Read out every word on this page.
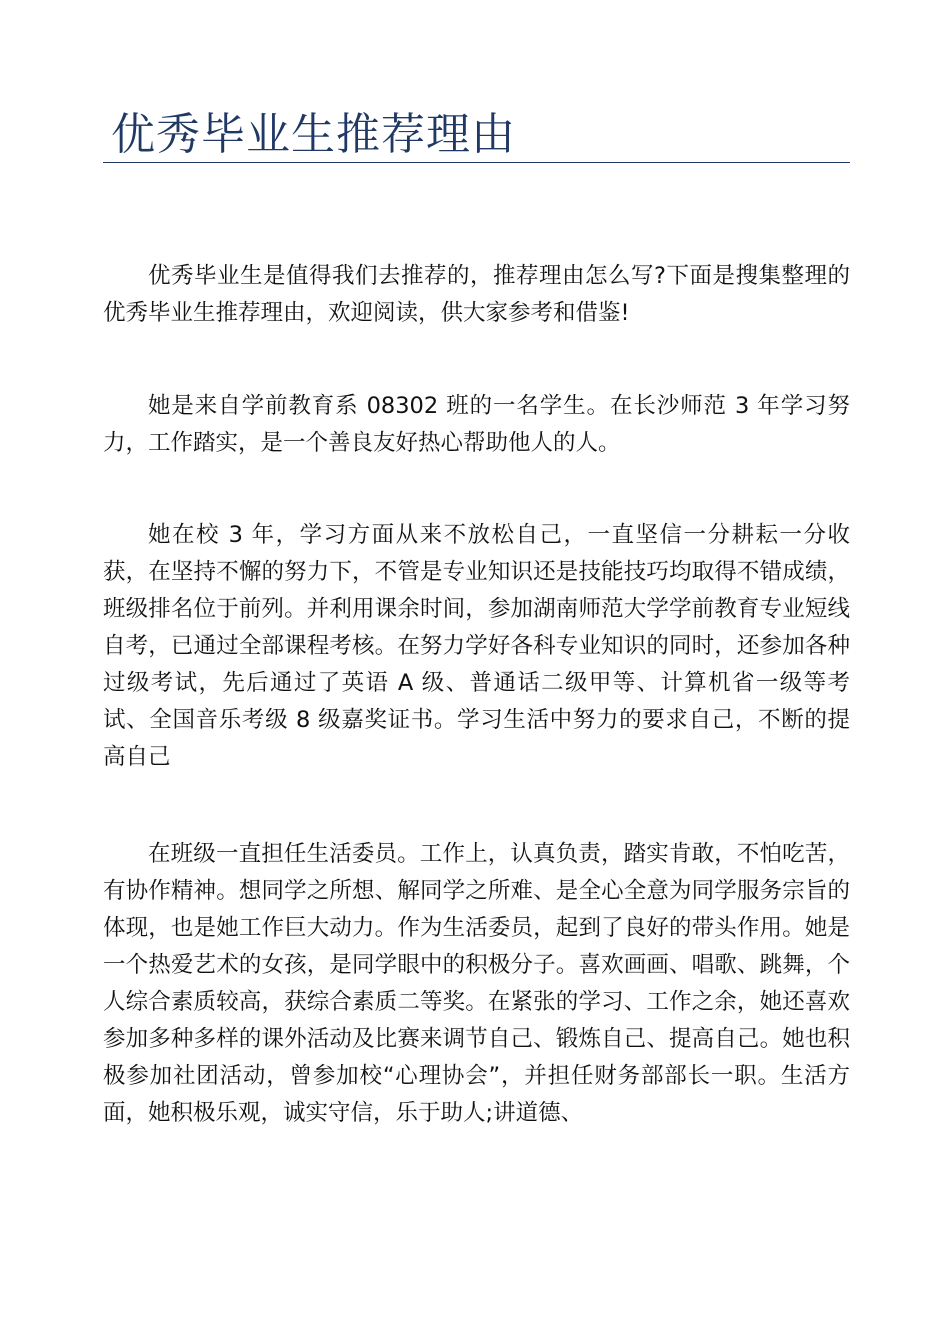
优秀毕业生推荐理由

优秀毕业生是值得我们去推荐的，推荐理由怎么写?下面是搜集整理的优秀毕业生推荐理由，欢迎阅读，供大家参考和借鉴!

她是来自学前教育系 08302 班的一名学生。在长沙师范 3 年学习努力，工作踏实，是一个善良友好热心帮助他人的人。

她在校 3 年，学习方面从来不放松自己，一直坚信一分耕耘一分收获，在坚持不懈的努力下，不管是专业知识还是技能技巧均取得不错成绩，班级排名位于前列。并利用课余时间，参加湖南师范大学学前教育专业短线自考，已通过全部课程考核。在努力学好各科专业知识的同时，还参加各种过级考试，先后通过了英语 A 级、普通话二级甲等、计算机省一级等考试、全国音乐考级 8 级嘉奖证书。学习生活中努力的要求自己，不断的提高自己

在班级一直担任生活委员。工作上，认真负责，踏实肯敢，不怕吃苦，有协作精神。想同学之所想、解同学之所难、是全心全意为同学服务宗旨的体现，也是她工作巨大动力。作为生活委员，起到了良好的带头作用。她是一个热爱艺术的女孩，是同学眼中的积极分子。喜欢画画、唱歌、跳舞，个人综合素质较高，获综合素质二等奖。在紧张的学习、工作之余，她还喜欢参加多种多样的课外活动及比赛来调节自己、锻炼自己、提高自己。她也积极参加社团活动，曾参加校“心理协会”，并担任财务部部长一职。生活方面，她积极乐观，诚实守信，乐于助人;讲道德、
